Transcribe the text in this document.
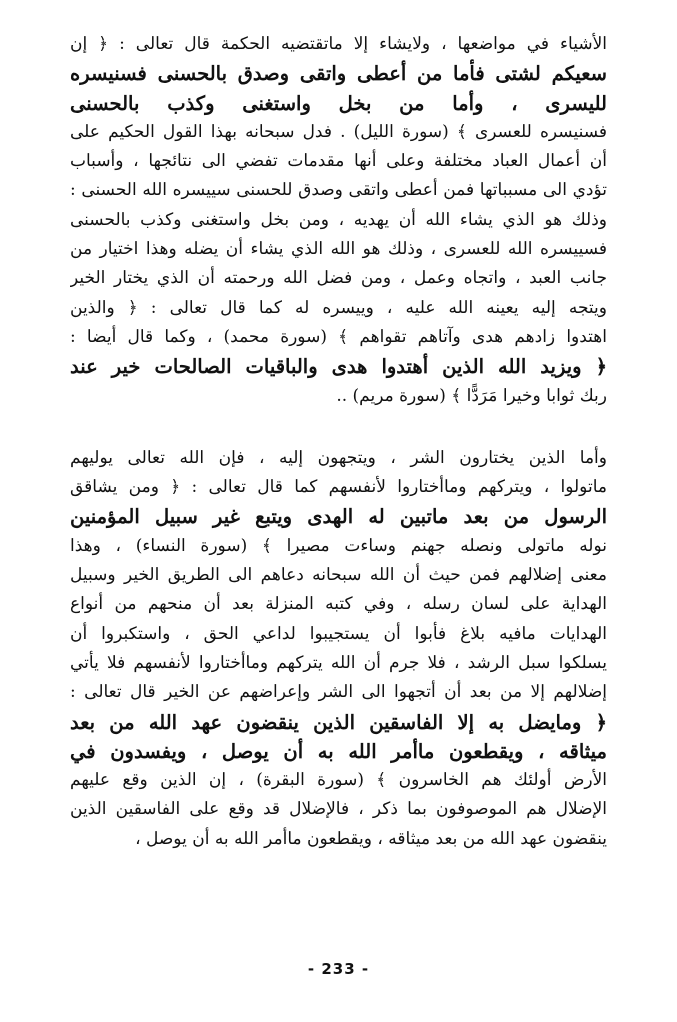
الأشياء في مواضعها ، ولايشاء إلا ماتقتضيه الحكمة قال تعالى : ﴿ إن
سعيكم لشتى فأما من أعطى واتقى وصدق بالحسنى فسنيسره
لليسرى ، وأما من بخل واستغنى وكذب بالحسنى
فسنيسره للعسرى ﴾ (سورة الليل) . فدل سبحانه بهذا القول الحكيم على
أن أعمال العباد مختلفة وعلى أنها مقدمات تفضي الى نتائجها ، وأسباب
تؤدي الى مسبباتها فمن أعطى واتقى وصدق للحسنى سييسره الله الحسنى :
وذلك هو الذي يشاء الله أن يهديه ، ومن بخل واستغنى وكذب بالحسنى
فسييسره الله للعسرى ، وذلك هو الله الذي يشاء أن يضله وهذا اختيار من
جانب العبد ، واتجاه وعمل ، ومن فضل الله ورحمته أن الذي يختار الخير
ويتجه إليه يعينه الله عليه ، وييسره له كما قال تعالى : ﴿ والذين
اهتدوا زادهم هدى وآتاهم تقواهم ﴾ (سورة محمد) ، وكما قال أيضا :
﴿ ويزيد الله الذين أهتدوا هدى والباقيات الصالحات خير عند
ربك ثوابا وخيرا مَرَدًّا ﴾ (سورة مريم) ..
وأما الذين يختارون الشر ، ويتجهون إليه ، فإن الله تعالى يوليهم
ماتولوا ، ويتركهم وماأختاروا لأنفسهم كما قال تعالى : ﴿ ومن يشاقق
الرسول من بعد ماتبين له الهدى ويتبع غير سبيل المؤمنين
نوله ماتولى ونصله جهنم وساءت مصيرا ﴾ (سورة النساء) ، وهذا
معنى إضلالهم فمن حيث أن الله سبحانه دعاهم الى الطريق الخير وسبيل
الهداية على لسان رسله ، وفي كتبه المنزلة بعد أن منحهم من أنواع
الهدايات مافيه بلاغ فأبوا أن يستجيبوا لداعي الحق ، واستكبروا أن
يسلكوا سبل الرشد ، فلا جرم أن الله يتركهم وماأختاروا لأنفسهم فلا يأتي
إضلالهم إلا من بعد أن أتجهوا الى الشر وإعراضهم عن الخير قال تعالى :
﴿ ومايضل به إلا الفاسقين الذين ينقضون عهد الله من بعد
ميثاقه ، ويقطعون ماأمر الله به أن يوصل ، ويفسدون في
الأرض أولئك هم الخاسرون ﴾ (سورة البقرة) ، إن الذين وقع عليهم
الإضلال هم الموصوفون بما ذكر ، فالإضلال قد وقع على الفاسقين الذين
ينقضون عهد الله من بعد ميثاقه ، ويقطعون ماأمر الله به أن يوصل ،
- 233 -
